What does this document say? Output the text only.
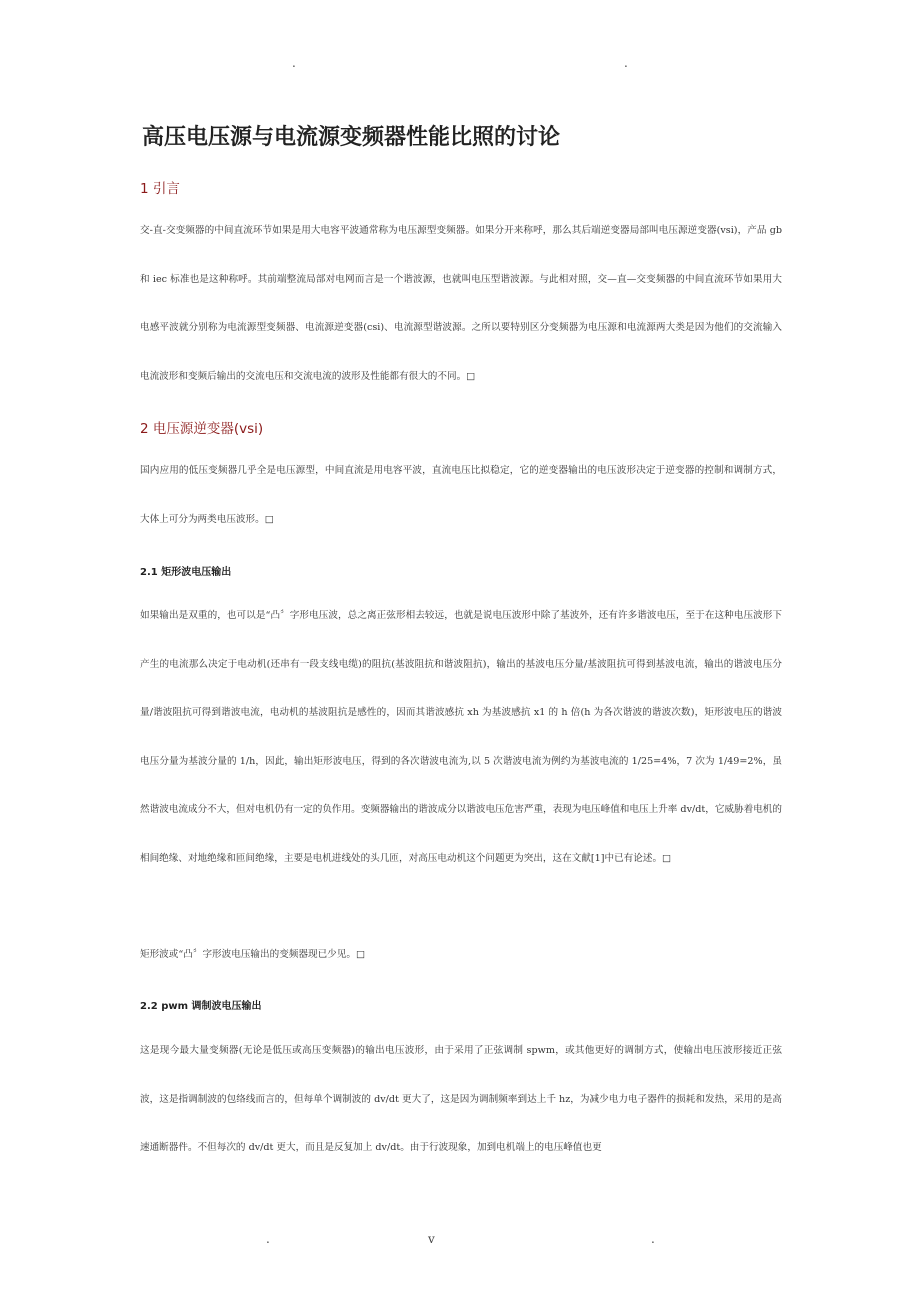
.	.
高压电压源与电流源变频器性能比照的讨论
1 引言

交-直-交变频器的中间直流环节如果是用大电容平波通常称为电压源型变频器。如果分开来称呼，那么其后端逆变器局部叫电压源逆变器(vsi)，产品 gb 和 iec 标准也是这种称呼。其前端整流局部对电网而言是一个谐波源，也就叫电压型谐波源。与此相对照，交—直—交变频器的中间直流环节如果用大电感平波就分别称为电流源型变频器、电流源逆变器(csi)、电流源型谐波源。之所以要特别区分变频器为电压源和电流源两大类是因为他们的交流输入电流波形和变频后输出的交流电压和交流电流的波形及性能都有很大的不同。□

2 电压源逆变器(vsi)

国内应用的低压变频器几乎全是电压源型，中间直流是用电容平波，直流电压比拟稳定，它的逆变器输出的电压波形决定于逆变器的控制和调制方式，大体上可分为两类电压波形。□

2.1 矩形波电压输出

如果输出是双重的，也可以是“凸〞字形电压波，总之离正弦形相去较远，也就是说电压波形中除了基波外，还有许多谐波电压，至于在这种电压波形下产生的电流那么决定于电动机(还串有一段支线电缆)的阻抗(基波阻抗和谐波阻抗)，输出的基波电压分量/基波阻抗可得到基波电流，输出的谐波电压分量/谐波阻抗可得到谐波电流，电动机的基波阻抗是感性的，因而其谐波感抗 xh 为基波感抗 x1 的 h 倍(h 为各次谐波的谐波次数)，矩形波电压的谐波电压分量为基波分量的 1/h，因此，输出矩形波电压，得到的各次谐波电流为,以 5 次谐波电流为例约为基波电流的 1/25=4%，7 次为 1/49=2%，虽然谐波电流成分不大，但对电机仍有一定的负作用。变频器输出的谐波成分以谐波电压危害严重，表现为电压峰值和电压上升率 dv/dt，它威胁着电机的相间绝缘、对地绝缘和匝间绝缘，主要是电机进线处的头几匝，对高压电动机这个问题更为突出，这在文献[1]中已有论述。□

矩形波或“凸〞字形波电压输出的变频器现已少见。□

2.2 pwm 调制波电压输出

这是现今最大量变频器(无论是低压或高压变频器)的输出电压波形，由于采用了正弦调制 spwm，或其他更好的调制方式，使输出电压波形接近正弦波，这是指调制波的包络线而言的，但每单个调制波的 dv/dt 更大了，这是因为调制频率到达上千 hz，为减少电力电子器件的损耗和发热，采用的是高速通断器件。不但每次的 dv/dt 更大，而且是反复加上 dv/dt。由于行波现象，加到电机端上的电压峰值也更

.	v	.
